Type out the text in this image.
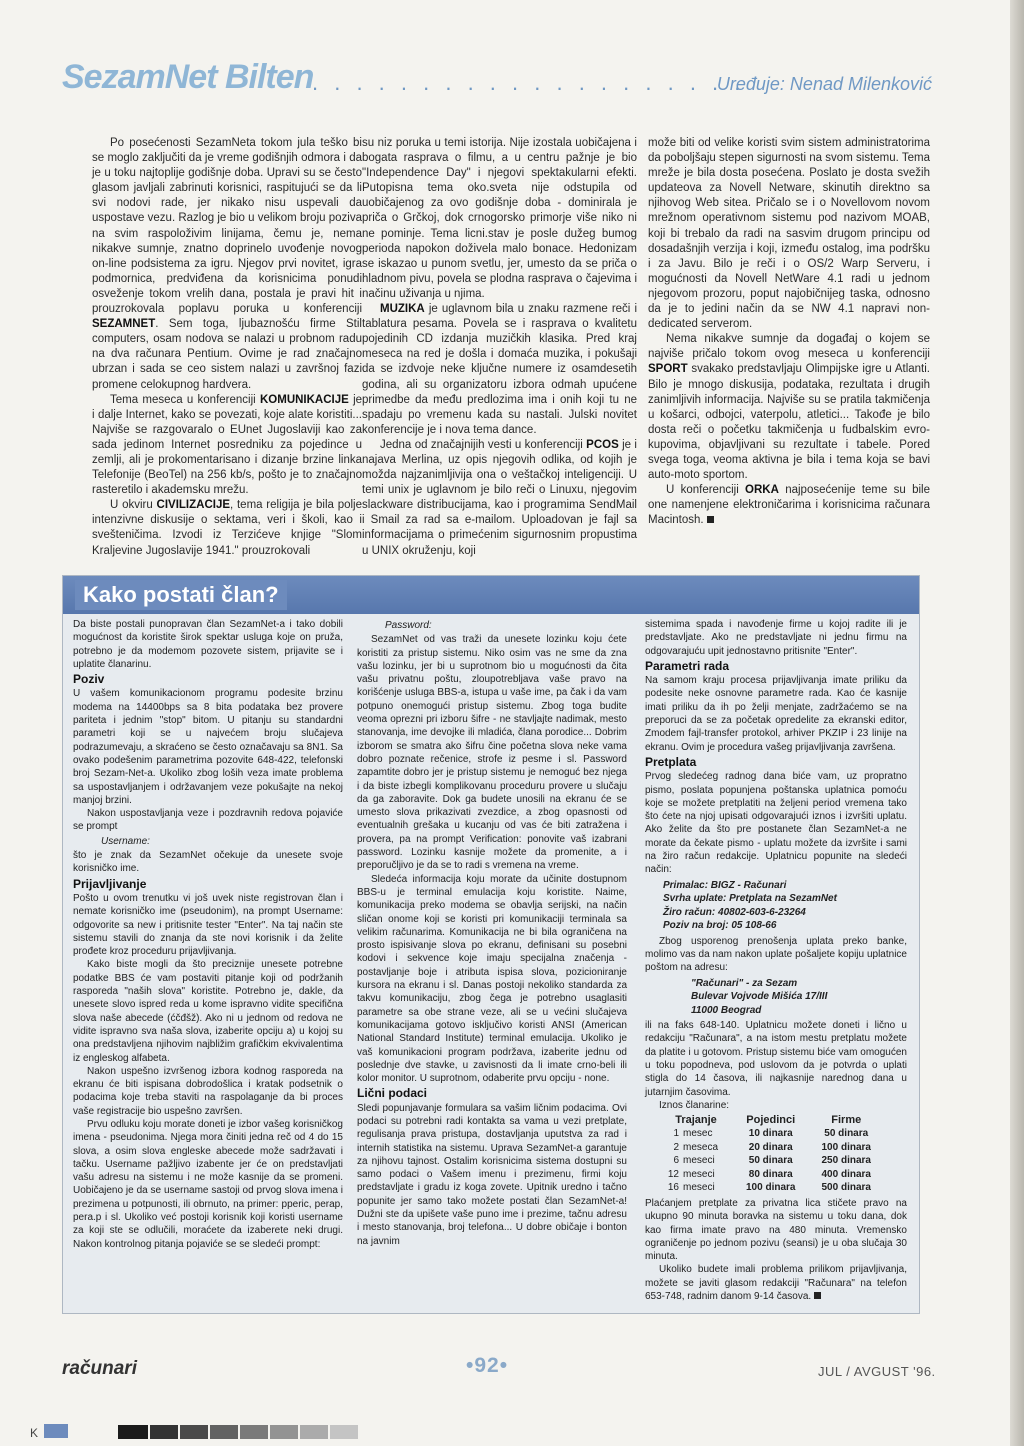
SezamNet Bilten
. . . . . . . . . . . . . . . . . . . .
Uređuje: Nenad Milenković

Po posećenosti SezamNeta tokom jula teško bi se moglo zaključiti da je vreme godišnjih odmora i da je u toku najtoplije godišnje doba. Upravi su se često glasom javljali zabrinuti korisnici, raspitujući se da li svi nodovi rade, jer nikako nisu uspevali da uspostave vezu. Razlog je bio u velikom broju poziva na svim raspoloživim linijama, čemu je, nema nikakve sumnje, znatno doprinelo uvođenje novog on-line podsistema za igru. Njegov prvi novitet, igra podmornica, predviđena da korisnicima ponudi osveženje tokom vrelih dana, postala je pravi hit i prouzrokovala poplavu poruka u konferenciji SEZAMNET. Sem toga, ljubaznošću firme Stil computers, osam nodova se nalazi u probnom radu na dva računara Pentium. Ovime je rad značajno ubrzan i sada se ceo sistem nalazi u završnoj fazi promene celokupnog hardvera.

Tema meseca u konferenciji KOMUNIKACIJE je i dalje Internet, kako se povezati, koje alate koristiti... Najviše se razgovaralo o EUnet Jugoslaviji kao za sada jedinom Internet posredniku za pojedince u zemlji, ali je prokomentarisano i dizanje brzine linka Telefonije (BeoTel) na 256 kb/s, pošto je to značajno rasteretilo i akademsku mrežu.

U okviru CIVILIZACIJE, tema religija je bila polje intenzivne diskusije o sektama, veri i školi, kao i svešteničima. Izvodi iz Terzićeve knjige "Slom Kraljevine Jugoslavije 1941." prouzrokovali

su niz poruka u temi istorija. Nije izostala uobičajena i bogata rasprava o filmu, a u centru pažnje je bio "Independence Day" i njegovi spektakularni efekti. Putopisna tema oko.sveta nije odstupila od uobičajenog za ovo godišnje doba - dominirala je priča o Grčkoj, dok crnogorsko primorje više niko ni ne pominje. Tema licni.stav je posle dužeg bumog perioda napokon doživela malo bonace. Hedonizam se iskazao u punom svetlu, jer, umesto da se priča o hladnom pivu, povela se plodna rasprava o čajevima i načinu uživanja u njima.

MUZIKA je uglavnom bila u znaku razmene reči i tablatura pesama. Povela se i rasprava o kvalitetu pojedinih CD izdanja muzičkih klasika. Pred kraj meseca na red je došla i domaća muzika, i pokušaji da se izdvoje neke ključne numere iz osamdesetih godina, ali su organizatoru izbora odmah upućene primedbe da među predlozima ima i onih koji tu ne spadaju po vremenu kada su nastali. Julski novitet konferencije je i nova tema dance.

Jedna od značajnijih vesti u konferenciji PCOS je i najava Merlina, uz opis njegovih odlika, od kojih je možda najzanimljivija ona o veštačkoj inteligenciji. U temi unix je uglavnom je bilo reči o Linuxu, njegovim slackware distribucijama, kao i programima SendMail i Smail za rad sa e-mailom. Uploadovan je fajl sa informacijama o primećenim sigurnosnim propustima u UNIX okruženju, koji

može biti od velike koristi svim sistem administratorima da poboljšaju stepen sigurnosti na svom sistemu. Tema mreže je bila dosta posećena. Poslato je dosta svežih updateova za Novell Netware, skinutih direktno sa njihovog Web sitea. Pričalo se i o Novellovom novom mrežnom operativnom sistemu pod nazivom MOAB, koji bi trebalo da radi na sasvim drugom principu od dosadašnjih verzija i koji, između ostalog, ima podršku i za Javu. Bilo je reči i o OS/2 Warp Serveru, i mogućnosti da Novell NetWare 4.1 radi u jednom njegovom prozoru, poput najobičnijeg taska, odnosno da je to jedini način da se NW 4.1 napravi non-dedicated serverom.

Nema nikakve sumnje da događaj o kojem se najviše pričalo tokom ovog meseca u konferenciji SPORT svakako predstavljaju Olimpijske igre u Atlanti. Bilo je mnogo diskusija, podataka, rezultata i drugih zanimljivih informacija. Najviše su se pratila takmičenja u košarci, odbojci, vaterpolu, atletici... Takođe je bilo dosta reči o početku takmičenja u fudbalskim evro-kupovima, objavljivani su rezultate i tabele. Pored svega toga, veoma aktivna je bila i tema koja se bavi auto-moto sportom.

U konferenciji ORKA najposećenije teme su bile one namenjene elektroničarima i korisnicima računara Macintosh.

Kako postati član?

Da biste postali punopravan član SezamNet-a i tako dobili mogućnost da koristite širok spektar usluga koje on pruža, potrebno je da modemom pozovete sistem, prijavite se i uplatite članarinu.

Poziv

U vašem komunikacionom programu podesite brzinu modema na 14400bps sa 8 bita podataka bez provere pariteta i jednim "stop" bitom. U pitanju su standardni parametri koji se u najvećem broju slučajeva podrazumevaju, a skraćeno se često označavaju sa 8N1. Sa ovako podešenim parametrima pozovite 648-422, telefonski broj Sezam-Net-a. Ukoliko zbog loših veza imate problema sa uspostavljanjem i održavanjem veze pokušajte na nekoj manjoj brzini.

Nakon uspostavljanja veze i pozdravnih redova pojaviće se prompt

Username:

što je znak da SezamNet očekuje da unesete svoje korisničko ime.

Prijavljivanje

Pošto u ovom trenutku vi još uvek niste registrovan član i nemate korisničko ime (pseudonim), na prompt Username: odgovorite sa new i pritisnite tester "Enter". Na taj način ste sistemu stavili do znanja da ste novi korisnik i da želite prođete kroz proceduru prijavljivanja.

Kako biste mogli da što preciznije unesete potrebne podatke BBS će vam postaviti pitanje koji od podržanih rasporeda "naših slova" koristite. Potrebno je, dakle, da unesete slovo ispred reda u kome ispravno vidite specifična slova naše abecede (ćčđšž). Ako ni u jednom od redova ne vidite ispravno sva naša slova, izaberite opciju a) u kojoj su ona predstavljena njihovim najbližim grafičkim ekvivalentima iz engleskog alfabeta.

Nakon uspešno izvršenog izbora kodnog rasporeda na ekranu će biti ispisana dobrodošlica i kratak podsetnik o podacima koje treba staviti na raspolaganje da bi proces vaše registracije bio uspešno završen.

Prvu odluku koju morate doneti je izbor vašeg korisničkog imena - pseudonima. Njega mora činiti jedna reč od 4 do 15 slova, a osim slova engleske abecede može sadržavati i tačku. Username pažljivo izabente jer će on predstavljati vašu adresu na sistemu i ne može kasnije da se promeni. Uobičajeno je da se username sastoji od prvog slova imena i prezimena u potpunosti, ili obrnuto, na primer: pperic, perap, pera.p i sl. Ukoliko već postoji korisnik koji koristi username za koji ste se odlučili, moraćete da izaberete neki drugi. Nakon kontrolnog pitanja pojaviće se se sledeći prompt:

Password:

SezamNet od vas traži da unesete lozinku koju ćete koristiti za pristup sistemu. Niko osim vas ne sme da zna vašu lozinku, jer bi u suprotnom bio u mogućnosti da čita vašu privatnu poštu, zloupotrebljava vaše pravo na korišćenje usluga BBS-a, istupa u vaše ime, pa čak i da vam potpuno onemogući pristup sistemu. Zbog toga budite veoma oprezni pri izboru šifre - ne stavljajte nadimak, mesto stanovanja, ime devojke ili mladića, člana porodice... Dobrim izborom se smatra ako šifru čine početna slova neke vama dobro poznate rečenice, strofe iz pesme i sl. Password zapamtite dobro jer je pristup sistemu je nemoguć bez njega i da biste izbegli komplikovanu proceduru provere u slučaju da ga zaboravite. Dok ga budete unosili na ekranu će se umesto slova prikazivati zvezdice, a zbog opasnosti od eventualnih grešaka u kucanju od vas će biti zatražena i provera, pa na prompt Verification: ponovite vaš izabrani password. Lozinku kasnije možete da promenite, a i preporučljivo je da se to radi s vremena na vreme.

Sledeća informacija koju morate da učinite dostupnom BBS-u je terminal emulacija koju koristite. Naime, komunikacija preko modema se obavlja serijski, na način sličan onome koji se koristi pri komunikaciji terminala sa velikim računarima. Komunikacija ne bi bila ograničena na prosto ispisivanje slova po ekranu, definisani su posebni kodovi i sekvence koje imaju specijalna značenja - postavljanje boje i atributa ispisa slova, pozicioniranje kursora na ekranu i sl. Danas postoji nekoliko standarda za takvu komunikaciju, zbog čega je potrebno usaglasiti parametre sa obe strane veze, ali se u većini slučajeva komunikacijama gotovo isključivo koristi ANSI (American National Standard Institute) terminal emulacija. Ukoliko je vaš komunikacioni program podržava, izaberite jednu od poslednje dve stavke, u zavisnosti da li imate crno-beli ili kolor monitor. U suprotnom, odaberite prvu opciju - none.

Lični podaci

Sledi popunjavanje formulara sa vašim ličnim podacima. Ovi podaci su potrebni radi kontakta sa vama u vezi pretplate, regulisanja prava pristupa, dostavljanja uputstva za rad i internih statistika na sistemu. Uprava SezamNet-a garantuje za njihovu tajnost. Ostalim korisnicima sistema dostupni su samo podaci o Vašem imenu i prezimenu, firmi koju predstavljate i gradu iz koga zovete. Upitnik uredno i tačno popunite jer samo tako možete postati član SezamNet-a! Dužni ste da upišete vaše puno ime i prezime, tačnu adresu i mesto stanovanja, broj telefona... U dobre običaje i bonton na javnim

sistemima spada i navođenje firme u kojoj radite ili je predstavljate. Ako ne predstavljate ni jednu firmu na odgovarajuću upit jednostavno pritisnite "Enter".

Parametri rada

Na samom kraju procesa prijavljivanja imate priliku da podesite neke osnovne parametre rada. Kao će kasnije imati priliku da ih po želji menjate, zadržaćemo se na preporuci da se za početak opredelite za ekranski editor, Zmodem fajl-transfer protokol, arhiver PKZIP i 23 linije na ekranu. Ovim je procedura vašeg prijavljivanja završena.

Pretplata

Prvog sledećeg radnog dana biće vam, uz propratno pismo, poslata popunjena poštanska uplatnica pomoću koje se možete pretplatiti na željeni period vremena tako što ćete na njoj upisati odgovarajući iznos i izvršiti uplatu. Ako želite da što pre postanete član SezamNet-a ne morate da čekate pismo - uplatu možete da izvršite i sami na žiro račun redakcije. Uplatnicu popunite na sledeći način:

Primalac: BIGZ - Računari
Svrha uplate: Pretplata na SezamNet
Žiro račun: 40802-603-6-23264
Poziv na broj: 05 108-66

Zbog usporenog prenošenja uplata preko banke, molimo vas da nam nakon uplate pošaljete kopiju uplatnice poštom na adresu:

"Računari" - za Sezam
Bulevar Vojvode Mišića 17/III
11000 Beograd

ili na faks 648-140. Uplatnicu možete doneti i lično u redakciju "Računara", a na istom mestu pretplatu možete da platite i u gotovom. Pristup sistemu biće vam omogućen u toku popodneva, pod uslovom da je potvrda o uplati stigla do 14 časova, ili najkasnije narednog dana u jutarnjim časovima.

Iznos članarine:

Trajanje		Pojedinci	Firme
1	mesec	10 dinara	50 dinara
2	meseca	20 dinara	100 dinara
6	meseci	50 dinara	250 dinara
12	meseci	80 dinara	400 dinara
16	meseci	100 dinara	500 dinara

Plaćanjem pretplate za privatna lica stičete pravo na ukupno 90 minuta boravka na sistemu u toku dana, dok kao firma imate pravo na 480 minuta. Vremensko ograničenje po jednom pozivu (seansi) je u oba slučaja 30 minuta.

Ukoliko budete imali problema prilikom prijavljivanja, možete se javiti glasom redakciji "Računara" na telefon 653-748, radnim danom 9-14 časova.

računari	•92•	JUL / AVGUST '96.
K
